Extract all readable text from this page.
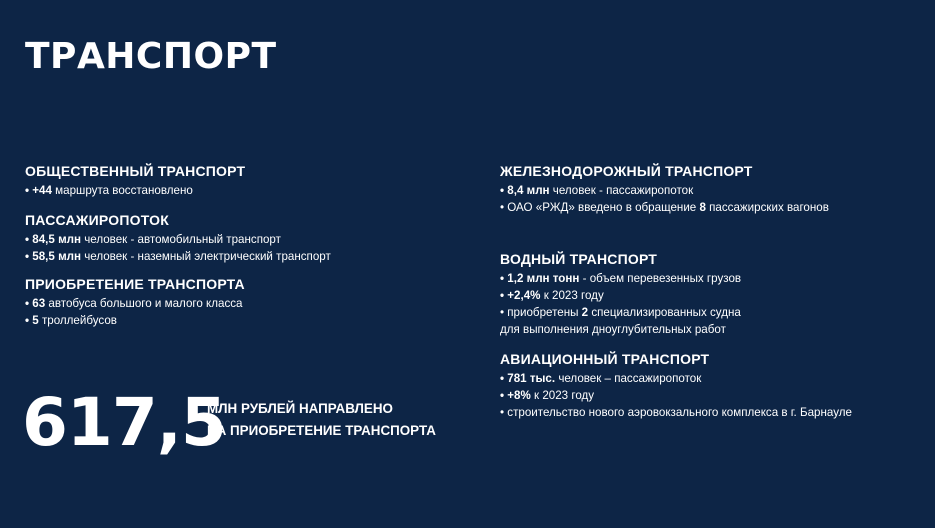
ТРАНСПОРТ
ОБЩЕСТВЕННЫЙ ТРАНСПОРТ
• +44 маршрута восстановлено
ПАССАЖИРОПОТОК
• 84,5 млн человек - автомобильный транспорт
• 58,5 млн человек - наземный электрический транспорт
ПРИОБРЕТЕНИЕ ТРАНСПОРТА
• 63 автобуса большого и малого класса
• 5 троллейбусов
ЖЕЛЕЗНОДОРОЖНЫЙ ТРАНСПОРТ
• 8,4 млн человек - пассажиропоток
• ОАО «РЖД» введено в обращение 8 пассажирских вагонов
ВОДНЫЙ ТРАНСПОРТ
• 1,2 млн тонн - объем перевезенных грузов
• +2,4% к 2023 году
• приобретены 2 специализированных судна
для выполнения дноуглубительных работ
АВИАЦИОННЫЙ ТРАНСПОРТ
• 781 тыс. человек – пассажиропоток
• +8% к 2023 году
• строительство нового аэровокзального комплекса в г. Барнауле
617,5
МЛН РУБЛЕЙ НАПРАВЛЕНО
НА ПРИОБРЕТЕНИЕ ТРАНСПОРТА
